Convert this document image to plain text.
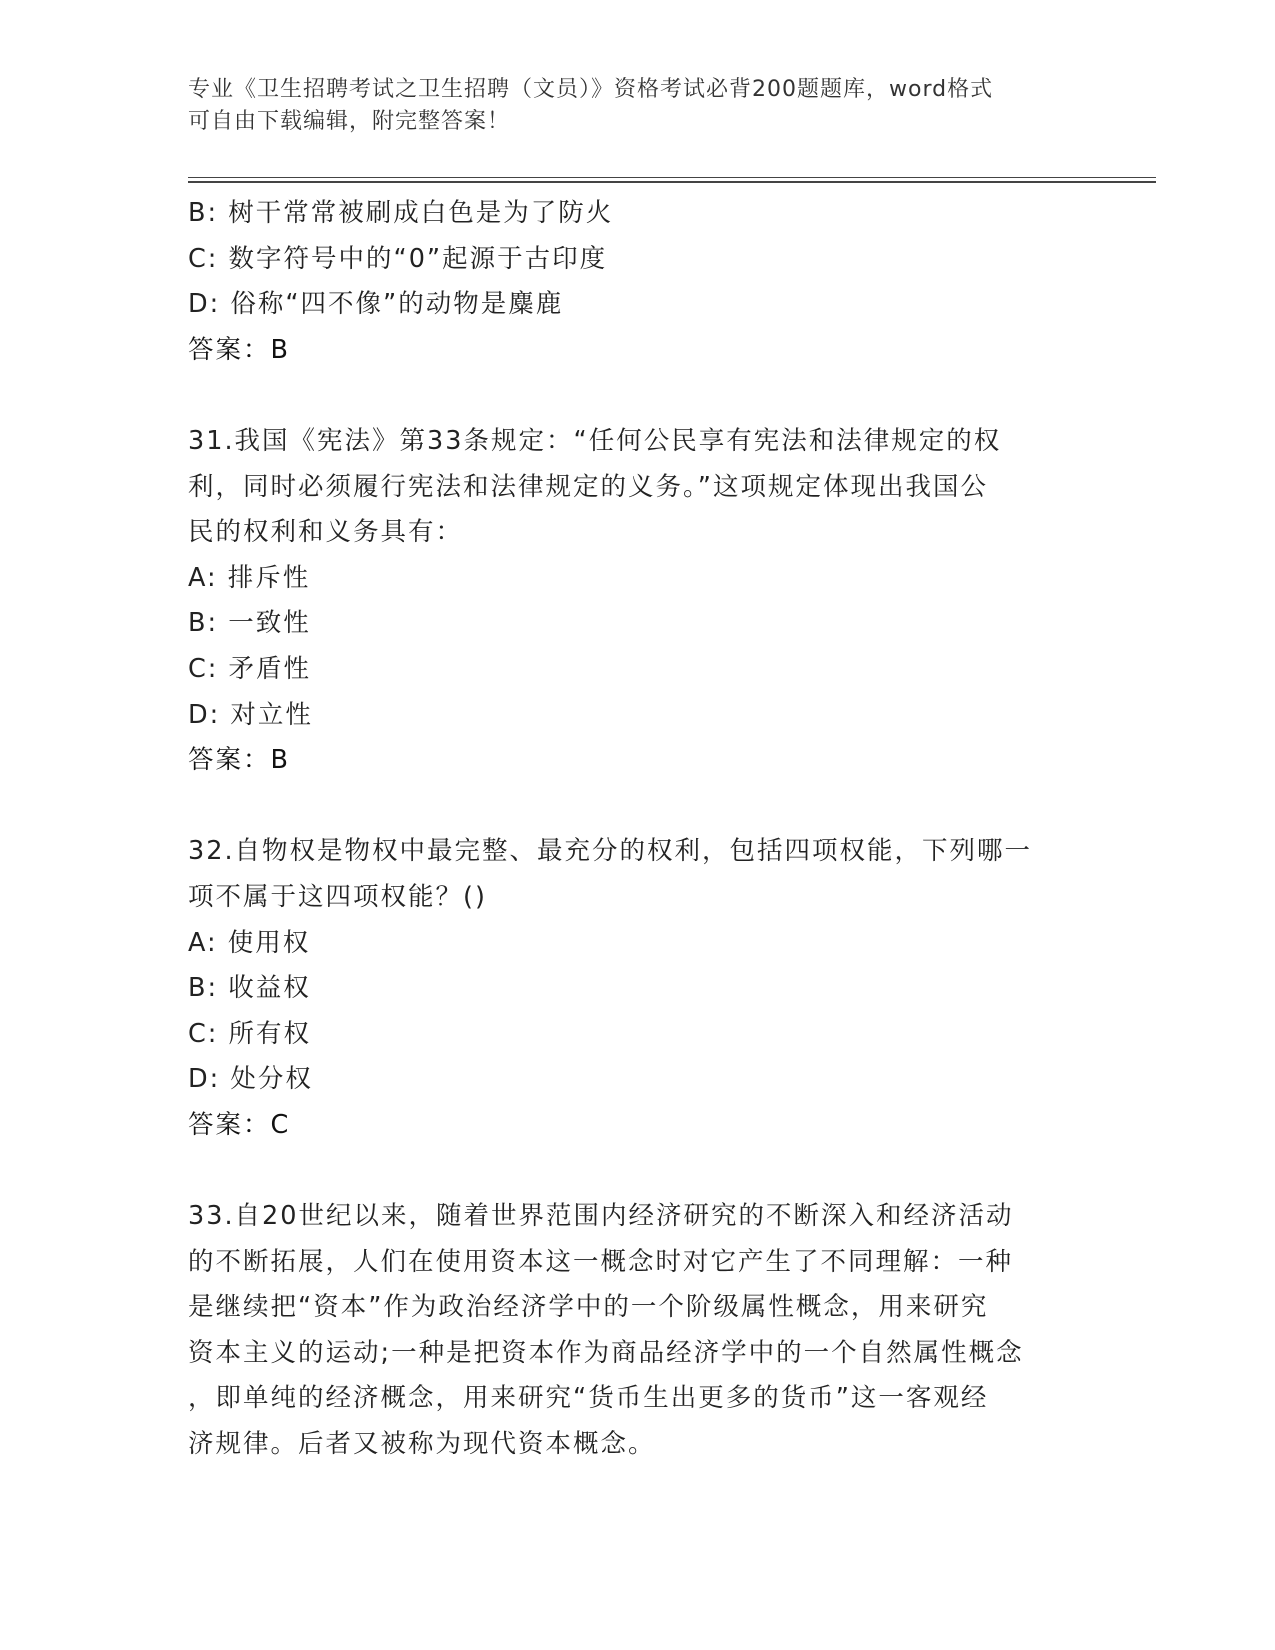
专业《卫生招聘考试之卫生招聘（文员）》资格考试必背200题题库，word格式
可自由下载编辑，附完整答案！
B: 树干常常被刷成白色是为了防火
C: 数字符号中的“0”起源于古印度
D: 俗称“四不像”的动物是麋鹿
答案：B
31.我国《宪法》第33条规定：“任何公民享有宪法和法律规定的权
利，同时必须履行宪法和法律规定的义务。”这项规定体现出我国公
民的权利和义务具有：
A: 排斥性
B: 一致性
C: 矛盾性
D: 对立性
答案：B
32.自物权是物权中最完整、最充分的权利，包括四项权能，下列哪一
项不属于这四项权能？()
A: 使用权
B: 收益权
C: 所有权
D: 处分权
答案：C
33.自20世纪以来，随着世界范围内经济研究的不断深入和经济活动
的不断拓展，人们在使用资本这一概念时对它产生了不同理解：一种
是继续把“资本”作为政治经济学中的一个阶级属性概念，用来研究
资本主义的运动;一种是把资本作为商品经济学中的一个自然属性概念
，即单纯的经济概念，用来研究“货币生出更多的货币”这一客观经
济规律。后者又被称为现代资本概念。
